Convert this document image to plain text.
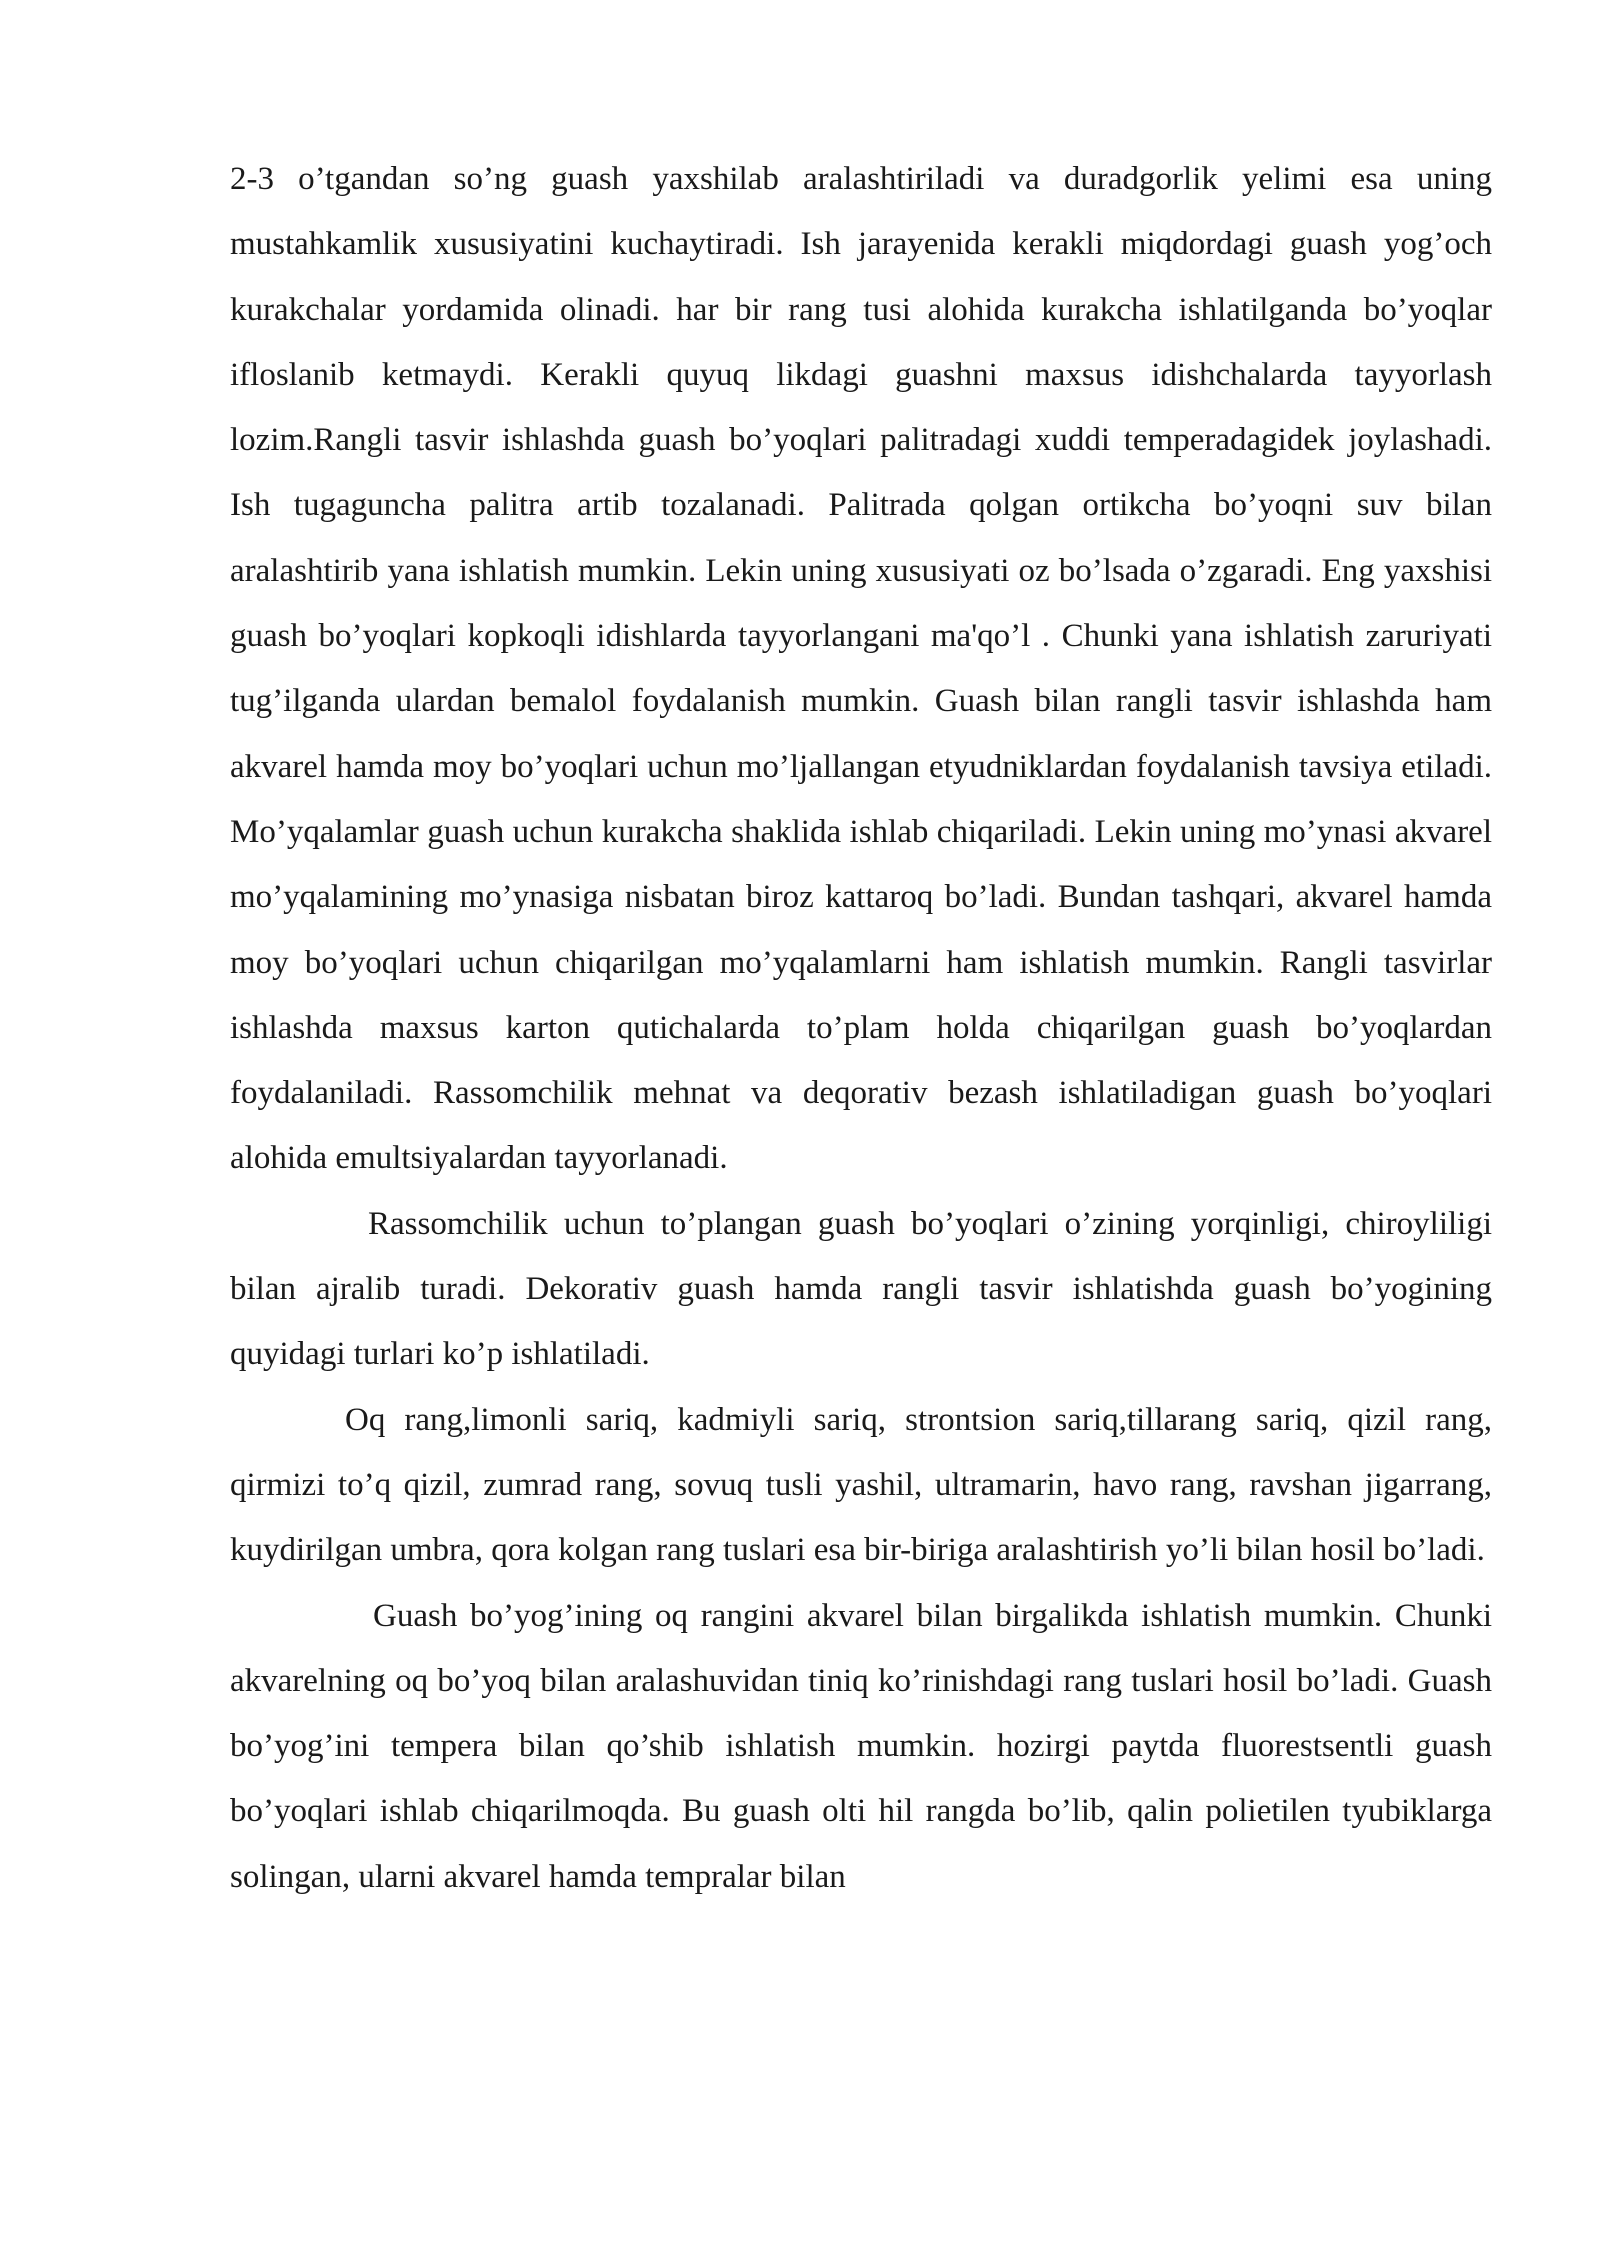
2-3 o’tgandan so’ng guash yaxshilab aralashtiriladi va duradgorlik yelimi esa uning mustahkamlik xususiyatini kuchaytiradi. Ish jarayenida kerakli miqdordagi guash yog’och kurakchalar yordamida olinadi. har bir rang tusi alohida kurakcha ishlatilganda bo’yoqlar ifloslanib ketmaydi. Kerakli quyuq likdagi guashni maxsus idishchalarda tayyorlash lozim.Rangli tasvir ishlashda guash bo’yoqlari palitradagi xuddi temperadagidek joylashadi. Ish tugaguncha palitra artib tozalanadi. Palitrada qolgan ortikcha bo’yoqni suv bilan aralashtirib yana ishlatish mumkin. Lekin uning xususiyati oz bo’lsada o’zgaradi. Eng yaxshisi guash bo’yoqlari kopkoqli idishlarda tayyorlangani ma'qo’l . Chunki yana ishlatish zaruriyati tug’ilganda ulardan bemalol foydalanish mumkin. Guash bilan rangli tasvir ishlashda ham akvarel hamda moy bo’yoqlari uchun mo’ljallangan etyudniklardan foydalanish tavsiya etiladi. Mo’yqalamlar guash uchun kurakcha shaklida ishlab chiqariladi. Lekin uning mo’ynasi akvarel mo’yqalamining mo’ynasiga nisbatan biroz kattaroq bo’ladi. Bundan tashqari, akvarel hamda moy bo’yoqlari uchun chiqarilgan mo’yqalamlarni ham ishlatish mumkin. Rangli tasvirlar ishlashda maxsus karton qutichalarda to’plam holda chiqarilgan guash bo’yoqlardan foydalaniladi. Rassomchilik mehnat va deqorativ bezash ishlatiladigan guash bo’yoqlari alohida emultsiyalardan tayyorlanadi.

Rassomchilik uchun to’plangan guash bo’yoqlari o’zining yorqinligi, chiroyliligi bilan ajralib turadi. Dekorativ guash hamda rangli tasvir ishlatishda guash bo’yogining quyidagi turlari ko’p ishlatiladi.

Oq rang,limonli sariq, kadmiyli sariq, strontsion sariq,tillarang sariq, qizil rang, qirmizi to’q qizil, zumrad rang, sovuq tusli yashil, ultramarin, havo rang, ravshan jigarrang, kuydirilgan umbra, qora kolgan rang tuslari esa bir-biriga aralashtirish yo’li bilan hosil bo’ladi.

Guash bo’yog’ining oq rangini akvarel bilan birgalikda ishlatish mumkin. Chunki akvarelning oq bo’yoq bilan aralashuvidan tiniq ko’rinishdagi rang tuslari hosil bo’ladi. Guash bo’yog’ini tempera bilan qo’shib ishlatish mumkin. hozirgi paytda fluorestsentli guash bo’yoqlari ishlab chiqarilmoqda. Bu guash olti hil rangda bo’lib, qalin polietilen tyubiklarga solingan, ularni akvarel hamda tempralar bilan
